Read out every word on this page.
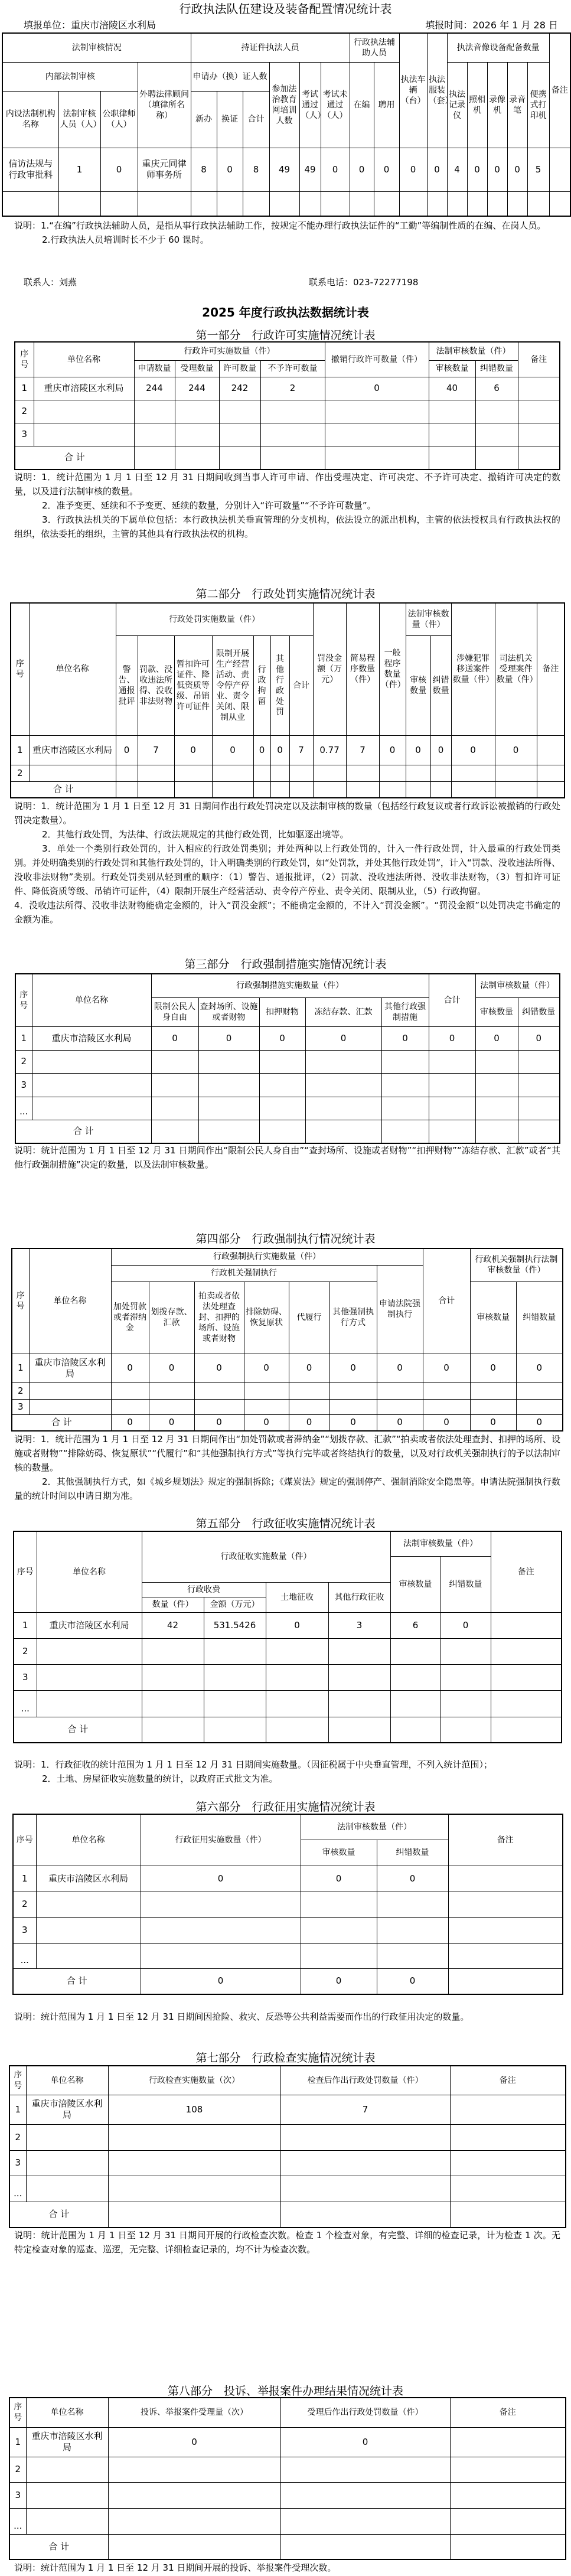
行政执法队伍建设及装备配置情况统计表
填报单位：重庆市涪陵区水利局	填报时间：2026 年 1 月 28 日
法制审核情况	持证件执法人员	行政执法辅助人员	执法车辆（台）	执法服装（套）	执法音像设备配备数量	备注
内部法制审核	外聘法律顾问（填律所名称）	申请办（换）证人数	参加法治教育网培训人数	考试通过（人）	考试未通过（人）	在编	聘用	执法记录仪	照相机	录像机	录音笔	便携式打印机
内设法制机构名称	法制审核人员（人）	公职律师（人）	新办	换证	合计
信访法规与行政审批科	1	0	重庆元同律师事务所	8	0	8	49	49	0	0	0	0	0	4	0	0	0	5	

说明：1.“在编”行政执法辅助人员，是指从事行政执法辅助工作，按规定不能办理行政执法证件的“工勤”等编制性质的在编、在岗人员。

2.行政执法人员培训时长不少于 60 课时。

联系人：刘燕	联系电话：023-72277198
2025 年度行政执法数据统计表
第一部分　行政许可实施情况统计表
序号	单位名称	行政许可实施数量（件）	撤销行政许可数量（件）	法制审核数量（件）	备注
申请数量	受理数量	许可数量	不予许可数量	审核数量	纠错数量
1	重庆市涪陵区水利局	244	244	242	2	0	40	6	
2									
3									
合 计								

说明：1．统计范围为 1 月 1 日至 12 月 31 日期间收到当事人许可申请、作出受理决定、许可决定、不予许可决定、撤销许可决定的数量，以及进行法制审核的数量。

2．准予变更、延续和不予变更、延续的数量，分别计入“许可数量”“不予许可数量”。

3．行政执法机关的下属单位包括：本行政执法机关垂直管理的分支机构，依法设立的派出机构，主管的依法授权具有行政执法权的组织，依法委托的组织，主管的其他具有行政执法权的机构。

第二部分　行政处罚实施情况统计表
序号	单位名称	行政处罚实施数量（件）	罚没金额（万元）	简易程序数量（件）	一般程序数量（件）	法制审核数量（件）	涉嫌犯罪移送案件数量（件）	司法机关受理案件数量（件）	备注
警告、通报批评	罚款、没收违法所得、没收非法财物	暂扣许可证件、降低资质等级、吊销许可证件	限制开展生产经营活动、责令停产停业、责令关闭、限制从业	行政拘留	其他行政处罚	合计	审核数量	纠错数量
1	重庆市涪陵区水利局	0	7	0	0	0	0	7	0.77	7	0	0	0	0	0	
2																
合 计															

说明：1．统计范围为 1 月 1 日至 12 月 31 日期间作出行政处罚决定以及法制审核的数量（包括经行政复议或者行政诉讼被撤销的行政处罚决定数量）。

2．其他行政处罚，为法律、行政法规规定的其他行政处罚，比如驱逐出境等。

3．单处一个类别行政处罚的，计入相应的行政处罚类别；并处两种以上行政处罚的，计入一件行政处罚，计入最重的行政处罚类别。并处明确类别的行政处罚和其他行政处罚的，计入明确类别的行政处罚，如“处罚款，并处其他行政处罚”，计入“罚款、没收违法所得、没收非法财物”类别。行政处罚类别从轻到重的顺序：（1）警告、通报批评，（2）罚款、没收违法所得、没收非法财物，（3）暂扣许可证件、降低资质等级、吊销许可证件，（4）限制开展生产经营活动、责令停产停业、责令关闭、限制从业，（5）行政拘留。

4．没收违法所得、没收非法财物能确定金额的，计入“罚没金额”；不能确定金额的，不计入“罚没金额”。“罚没金额”以处罚决定书确定的金额为准。

第三部分　行政强制措施实施情况统计表
序号	单位名称	行政强制措施实施数量（件）	合计	法制审核数量（件）
限制公民人身自由	查封场所、设施或者财物	扣押财物	冻结存款、汇款	其他行政强制措施	审核数量	纠错数量
1	重庆市涪陵区水利局	0	0	0	0	0	0	0	0
2									
3									
...									
合 计								

说明：统计范围为 1 月 1 日至 12 月 31 日期间作出“限制公民人身自由”“查封场所、设施或者财物”“扣押财物”“冻结存款、汇款”或者“其他行政强制措施”决定的数量，以及法制审核数量。

第四部分　行政强制执行情况统计表
序号	单位名称	行政强制执行实施数量（件）	合计	行政机关强制执行法制审核数量（件）
行政机关强制执行	申请法院强制执行
加处罚款或者滞纳金	划拨存款、汇款	拍卖或者依法处理查封、扣押的场所、设施或者财物	排除妨碍、恢复原状	代履行	其他强制执行方式	审核数量	纠错数量
1	重庆市涪陵区水利局	0	0	0	0	0	0	0	0	0	0
2											
3											
合 计	0	0	0	0	0	0	0	0	0	0

说明：1．统计范围为 1 月 1 日至 12 月 31 日期间作出“加处罚款或者滞纳金”“划拨存款、汇款”“拍卖或者依法处理查封、扣押的场所、设施或者财物”“排除妨碍、恢复原状”“代履行”和“其他强制执行方式”等执行完毕或者终结执行的数量，以及对行政机关强制执行的予以法制审核的数量。

2．其他强制执行方式，如《城乡规划法》规定的强制拆除；《煤炭法》规定的强制停产、强制消除安全隐患等。申请法院强制执行数量的统计时间以申请日期为准。

第五部分　行政征收实施情况统计表
序号	单位名称	行政征收实施数量（件）	法制审核数量（件）	备注
审核数量	纠错数量
行政收费	土地征收	其他行政征收
数量（件）	金额（万元）
1	重庆市涪陵区水利局	42	531.5426	0	3	6	0	
2								
3								
...								
合 计							

说明：1．行政征收的统计范围为 1 月 1 日至 12 月 31 日期间实施数量。（因征税属于中央垂直管理，不列入统计范围）；

2．土地、房屋征收实施数量的统计，以政府正式批文为准。

第六部分　行政征用实施情况统计表
序号	单位名称	行政征用实施数量（件）	法制审核数量（件）	备注
审核数量	纠错数量
1	重庆市涪陵区水利局	0	0	0	
2					
3					
...					
合 计	0	0	0	

说明：统计范围为 1 月 1 日至 12 月 31 日期间因抢险、救灾、反恐等公共利益需要而作出的行政征用决定的数量。

第七部分　行政检查实施情况统计表
序号	单位名称	行政检查实施数量（次）	检查后作出行政处罚数量（件）	备注
1	重庆市涪陵区水利局	108	7	
2				
3				
...				
合 计			

说明：统计范围为 1 月 1 日至 12 月 31 日期间开展的行政检查次数。检查 1 个检查对象，有完整、详细的检查记录，计为检查 1 次。无特定检查对象的巡查、巡逻，无完整、详细检查记录的，均不计为检查次数。

第八部分　投诉、举报案件办理结果情况统计表
序号	单位名称	投诉、举报案件受理量（次）	受理后作出行政处罚数量（件）	备注
1	重庆市涪陵区水利局	0	0	
2				
3				
...				
合 计			

说明：统计范围为 1 月 1 日至 12 月 31 日期间开展的投诉、举报案件受理次数。
